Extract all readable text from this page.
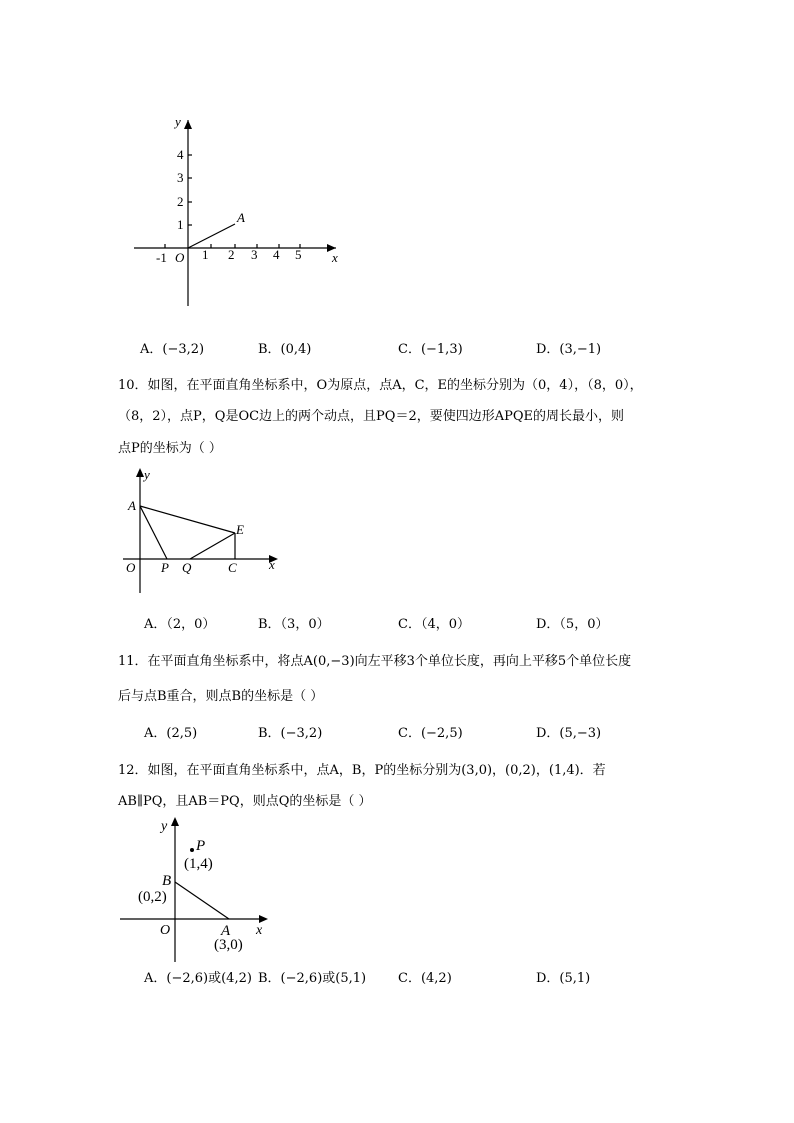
x
y
O
-1	1 2 3 4 5
1
2
3
4
A
A．(−3,2)	B．(0,4)	C．(−1,3)	D．(3,−1)
10．如图，在平面直角坐标系中，O为原点，点A，C，E的坐标分别为（0，4），（8，0），
（8，2），点P，Q是OC边上的两个动点，且PQ＝2，要使四边形APQE的周长最小，则
点P的坐标为（ ）
x
y
O
A
P Q	C
E
A．（2，0）	B．（3，0）	C．（4，0）	D．（5，0）
11．在平面直角坐标系中，将点A(0,−3)向左平移3个单位长度，再向上平移5个单位长度
后与点B重合，则点B的坐标是（ ）
A．(2,5)	B．(−3,2)	C．(−2,5)	D．(5,−3)
12．如图，在平面直角坐标系中，点A，B，P的坐标分别为(3,0)，(0,2)，(1,4)．若
AB∥PQ，且AB＝PQ，则点Q的坐标是（ ）
x
y
O
P
(1,4)
B
(0,2)
A
(3,0)
A．(−2,6)或(4,2) B．(−2,6)或(5,1) C．(4,2)	D．(5,1)
